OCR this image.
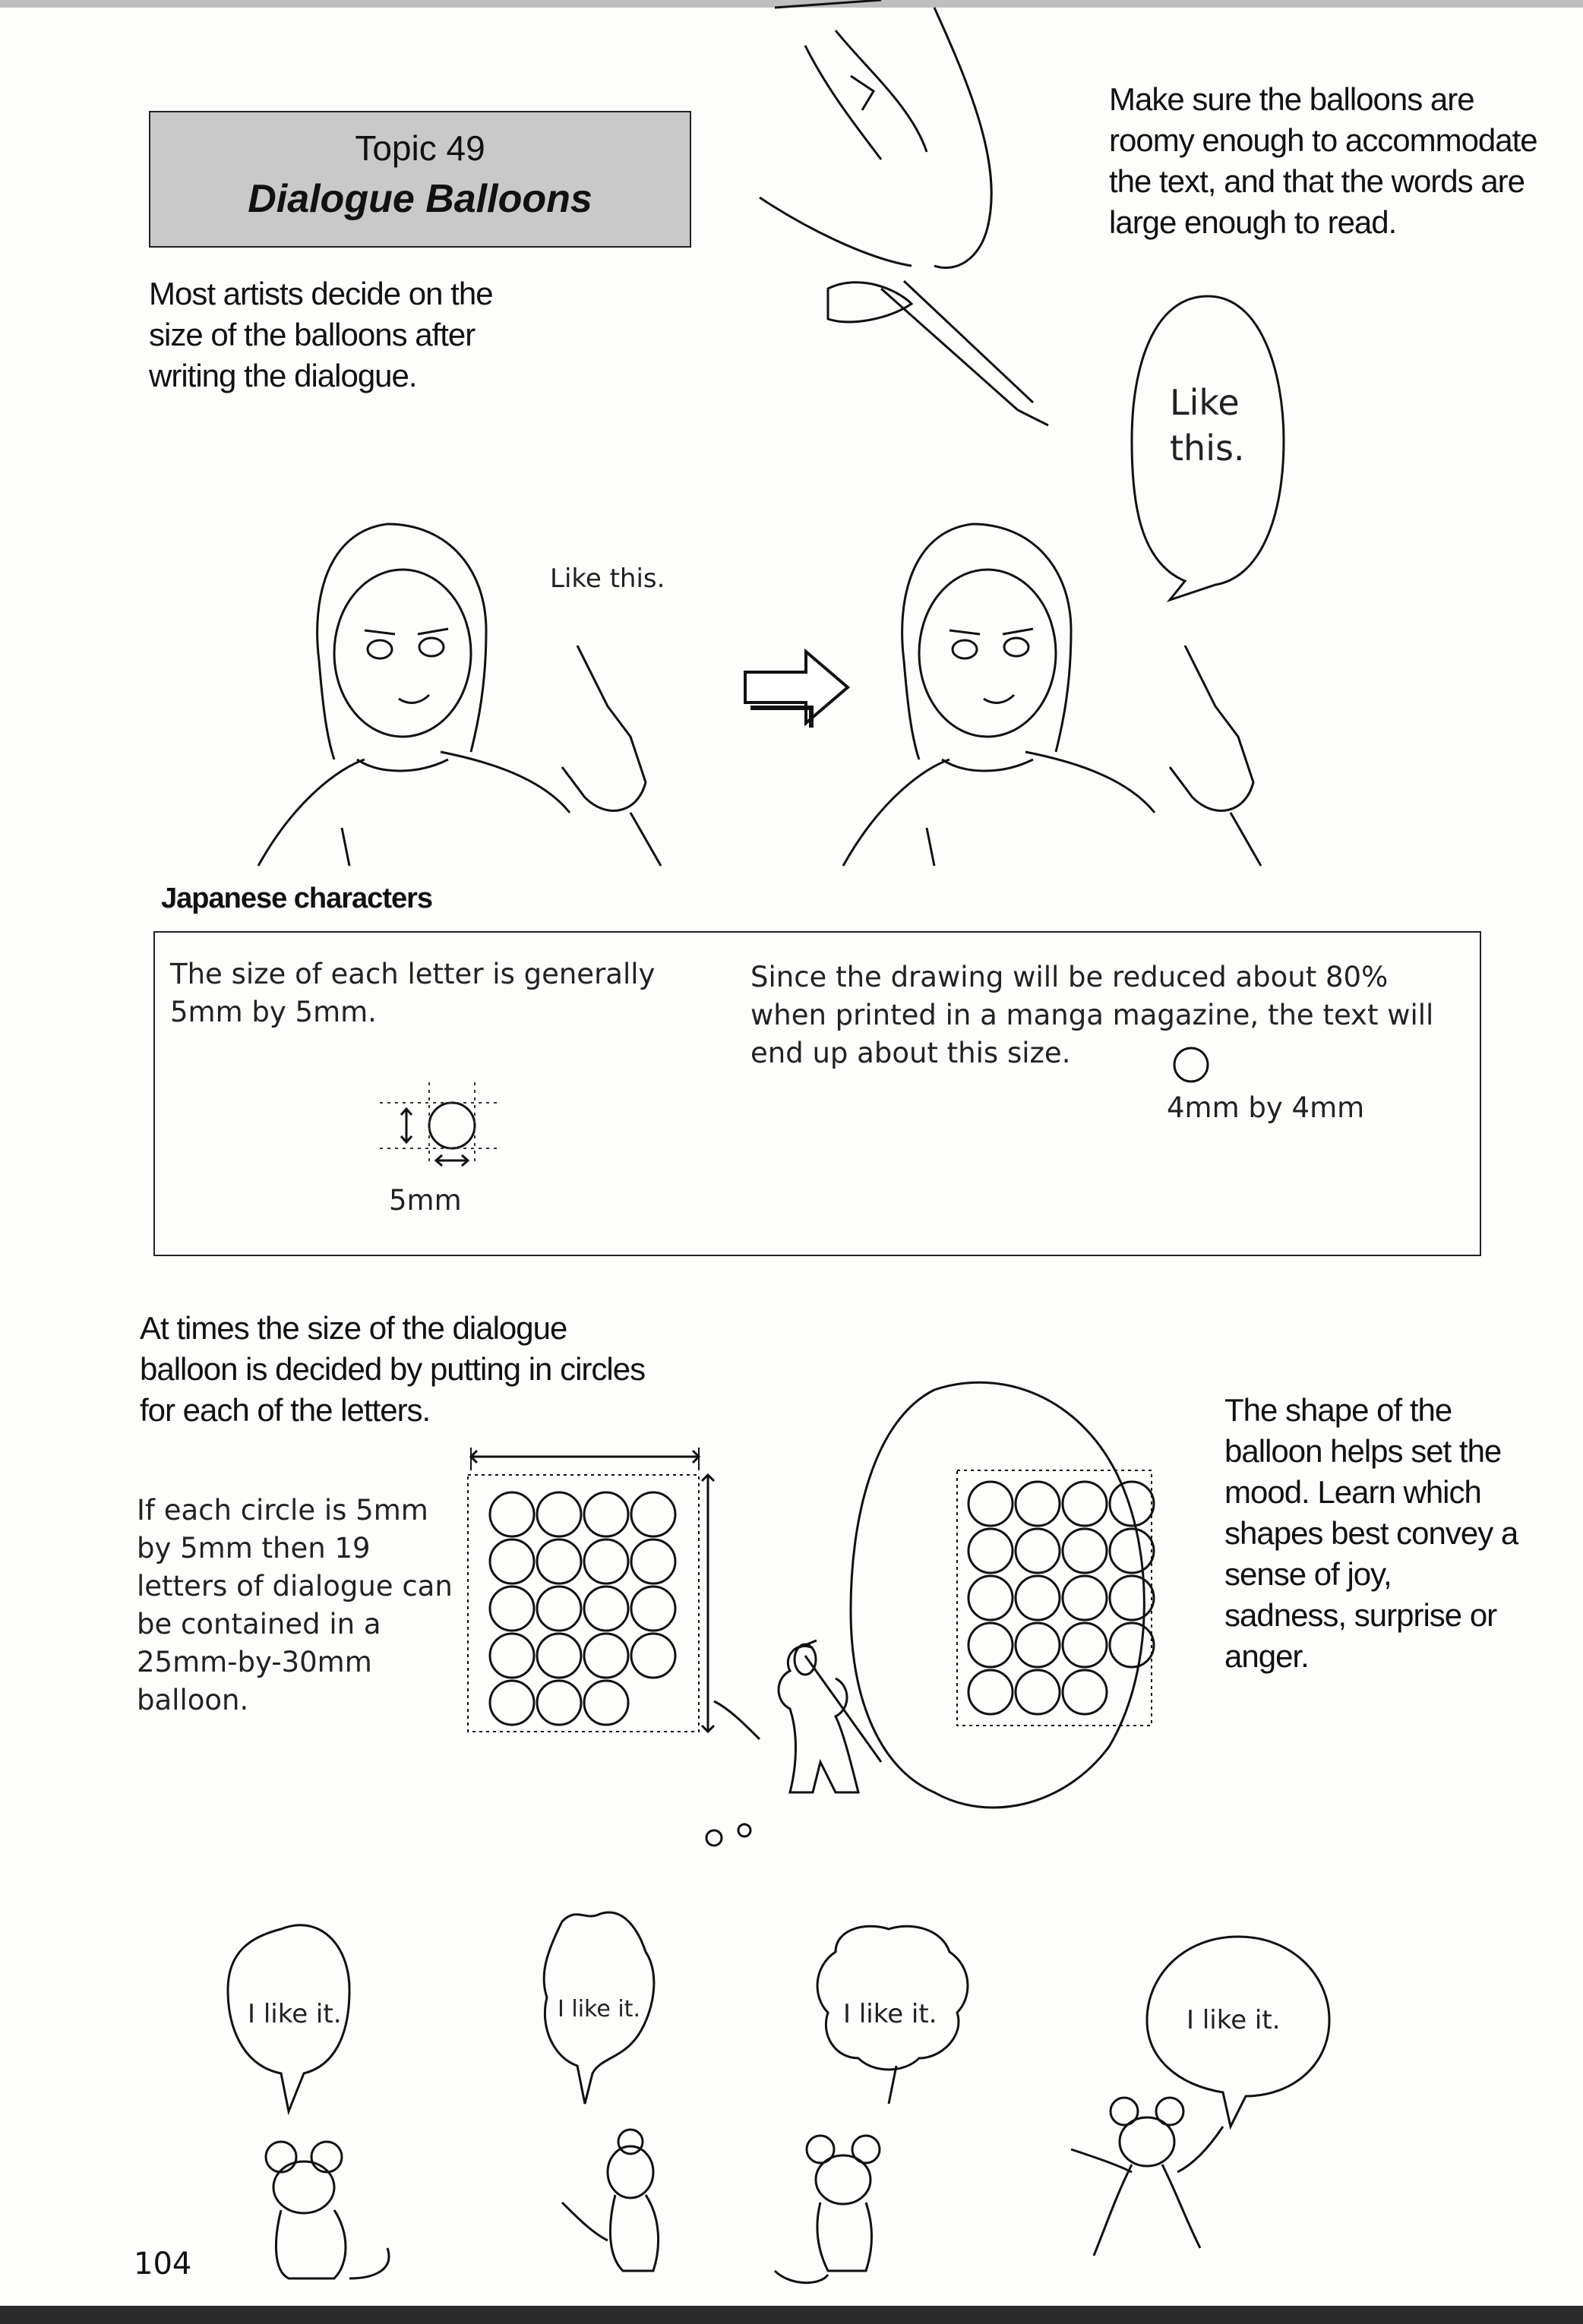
Topic 49
Dialogue Balloons
Most artists decide on the
size of the balloons after
writing the dialogue.
Make sure the balloons are
roomy enough to accommodate
the text, and that the words are
large enough to read.
Like
this.
Like this.
Japanese characters
The size of each letter is generally
5mm by 5mm.
5mm
Since the drawing will be reduced about 80%
when printed in a manga magazine, the text will
end up about this size.
4mm by 4mm
At times the size of the dialogue
balloon is decided by putting in circles
for each of the letters.
If each circle is 5mm
by 5mm then 19
letters of dialogue can
be contained in a
25mm-by-30mm
balloon.
The shape of the
balloon helps set the
mood. Learn which
shapes best convey a
sense of joy,
sadness, surprise or
anger.
I like it.	I like it.	I like it.	I like it.
104
